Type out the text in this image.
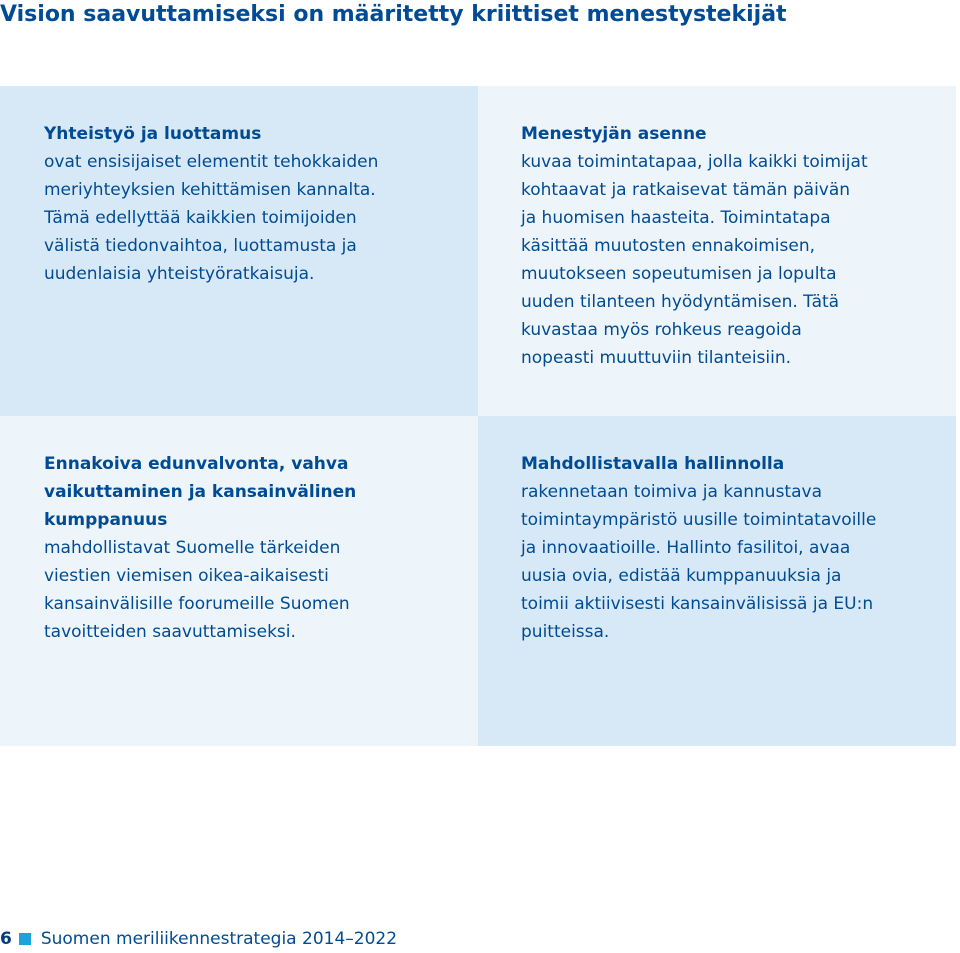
Vision saavuttamiseksi on määritetty kriittiset menestystekijät
Yhteistyö ja luottamus
ovat ensisijaiset elementit tehokkaiden
meriyhteyksien kehittämisen kannalta.
Tämä edellyttää kaikkien toimijoiden
välistä tiedonvaihtoa, luottamusta ja
uudenlaisia yhteistyöratkaisuja.
Menestyjän asenne
kuvaa toimintatapaa, jolla kaikki toimijat
kohtaavat ja ratkaisevat tämän päivän
ja huomisen haasteita. Toimintatapa
käsittää muutosten ennakoimisen,
muutokseen sopeutumisen ja lopulta
uuden tilanteen hyödyntämisen. Tätä
kuvastaa myös rohkeus reagoida
nopeasti muuttuviin tilanteisiin.
Ennakoiva edunvalvonta, vahva
vaikuttaminen ja kansainvälinen
kumppanuus
mahdollistavat Suomelle tärkeiden
viestien viemisen oikea-aikaisesti
kansainvälisille foorumeille Suomen
tavoitteiden saavuttamiseksi.
Mahdollistavalla hallinnolla
rakennetaan toimiva ja kannustava
toimintaympäristö uusille toimintatavoille
ja innovaatioille. Hallinto fasilitoi, avaa
uusia ovia, edistää kumppanuuksia ja
toimii aktiivisesti kansainvälisissä ja EU:n
puitteissa.
6 Suomen meriliikennestrategia 2014–2022
